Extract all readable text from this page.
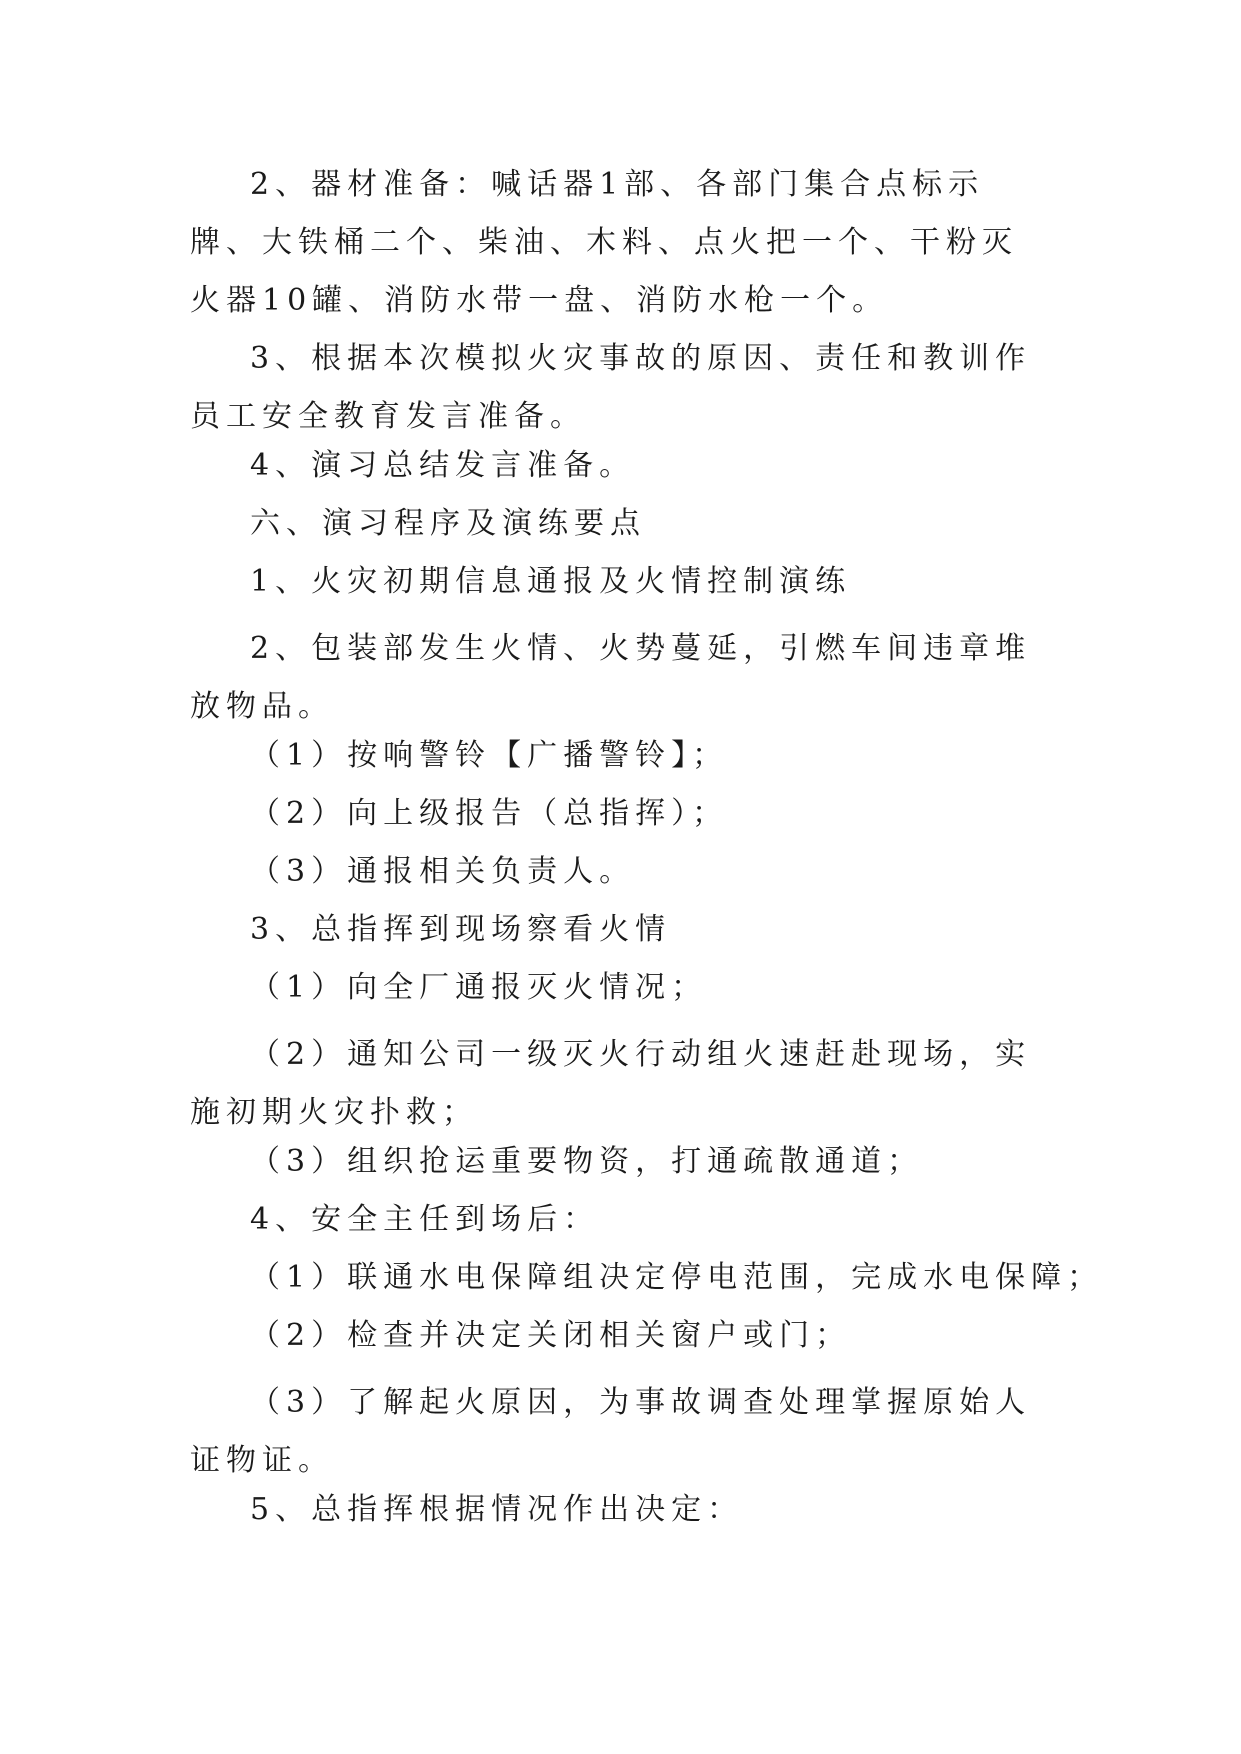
2、器材准备：喊话器1部、各部门集合点标示牌、大铁桶二个、柴油、木料、点火把一个、干粉灭火器10罐、消防水带一盘、消防水枪一个。

3、根据本次模拟火灾事故的原因、责任和教训作员工安全教育发言准备。

4、演习总结发言准备。

六、演习程序及演练要点

1、火灾初期信息通报及火情控制演练

2、包装部发生火情、火势蔓延，引燃车间违章堆放物品。

（1）按响警铃【广播警铃】；

（2）向上级报告（总指挥）；

（3）通报相关负责人。

3、总指挥到现场察看火情

（1）向全厂通报灭火情况；

（2）通知公司一级灭火行动组火速赶赴现场，实施初期火灾扑救；

（3）组织抢运重要物资，打通疏散通道；

4、安全主任到场后：

（1）联通水电保障组决定停电范围，完成水电保障；

（2）检查并决定关闭相关窗户或门；

（3）了解起火原因，为事故调查处理掌握原始人证物证。

5、总指挥根据情况作出决定：
